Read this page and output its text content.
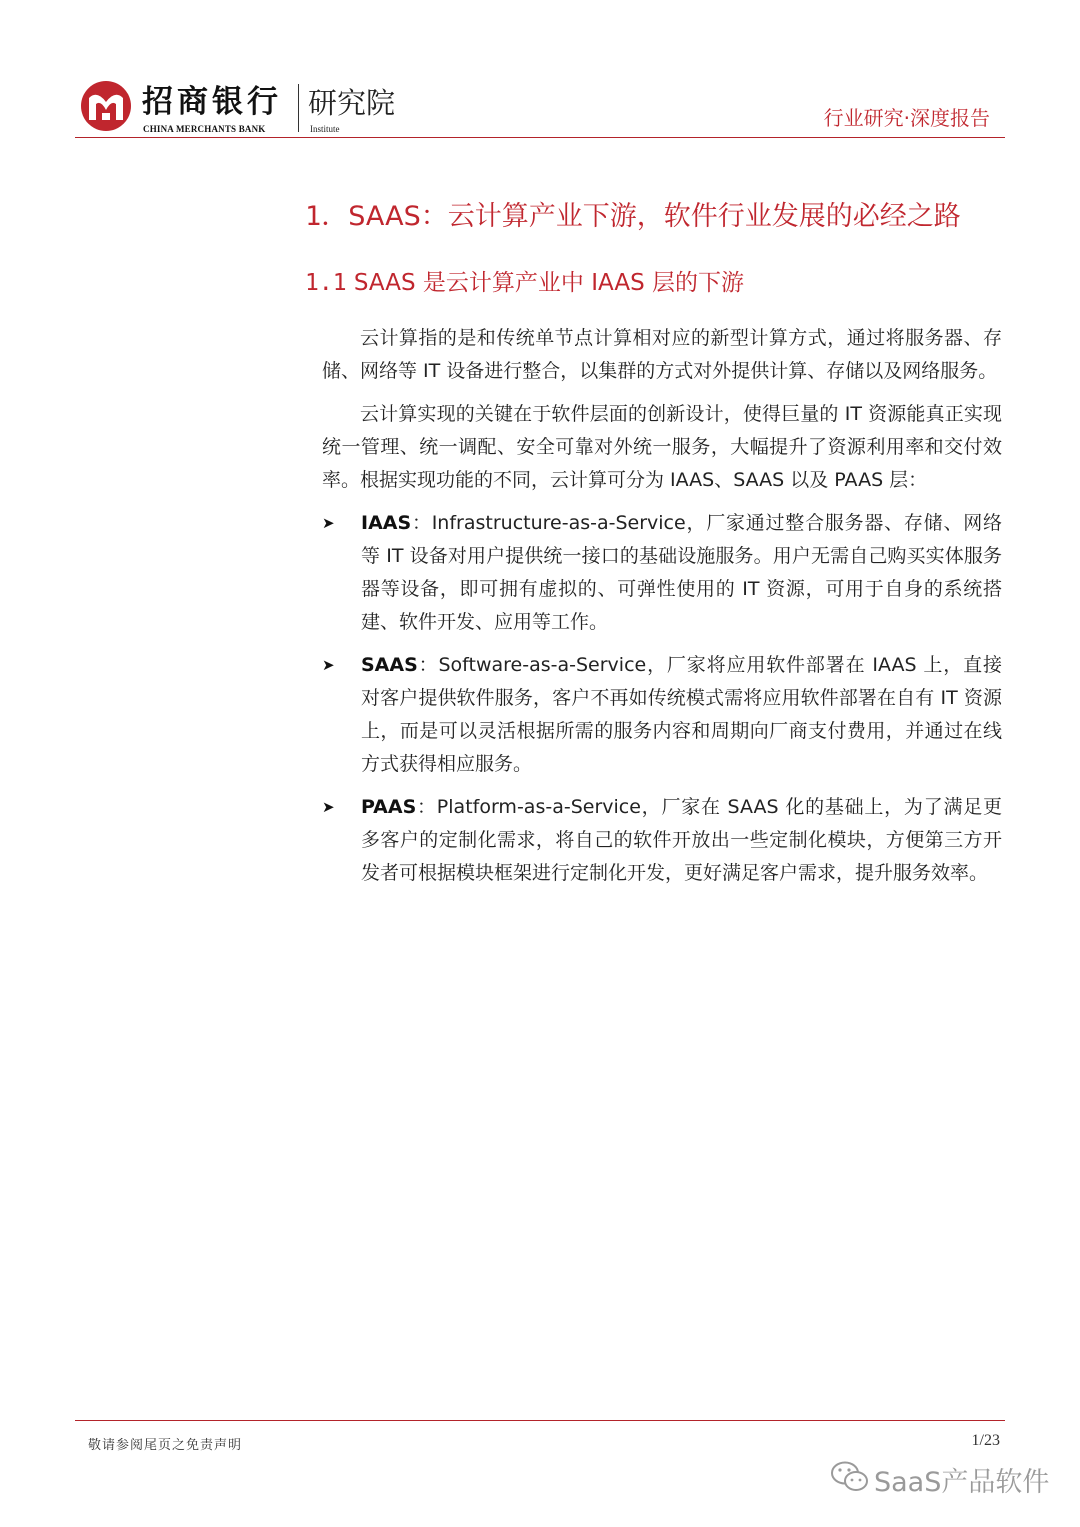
招商银行
CHINA MERCHANTS BANK
研究院
Institute	行业研究·深度报告
1．SAAS：云计算产业下游，软件行业发展的必经之路
1.1 SAAS 是云计算产业中 IAAS 层的下游

云计算指的是和传统单节点计算相对应的新型计算方式，通过将服务器、存储、网络等 IT 设备进行整合，以集群的方式对外提供计算、存储以及网络服务。

云计算实现的关键在于软件层面的创新设计，使得巨量的 IT 资源能真正实现统一管理、统一调配、安全可靠对外统一服务，大幅提升了资源利用率和交付效率。根据实现功能的不同，云计算可分为 IAAS、SAAS 以及 PAAS 层：

➤ IAAS：Infrastructure-as-a-Service，厂家通过整合服务器、存储、网络等 IT 设备对用户提供统一接口的基础设施服务。用户无需自己购买实体服务器等设备，即可拥有虚拟的、可弹性使用的 IT 资源，可用于自身的系统搭建、软件开发、应用等工作。
➤ SAAS：Software-as-a-Service，厂家将应用软件部署在 IAAS 上，直接对客户提供软件服务，客户不再如传统模式需将应用软件部署在自有 IT 资源上，而是可以灵活根据所需的服务内容和周期向厂商支付费用，并通过在线方式获得相应服务。
➤ PAAS：Platform-as-a-Service，厂家在 SAAS 化的基础上，为了满足更多客户的定制化需求，将自己的软件开放出一些定制化模块，方便第三方开发者可根据模块框架进行定制化开发，更好满足客户需求，提升服务效率。
敬请参阅尾页之免责声明	1/23
SaaS产品软件
